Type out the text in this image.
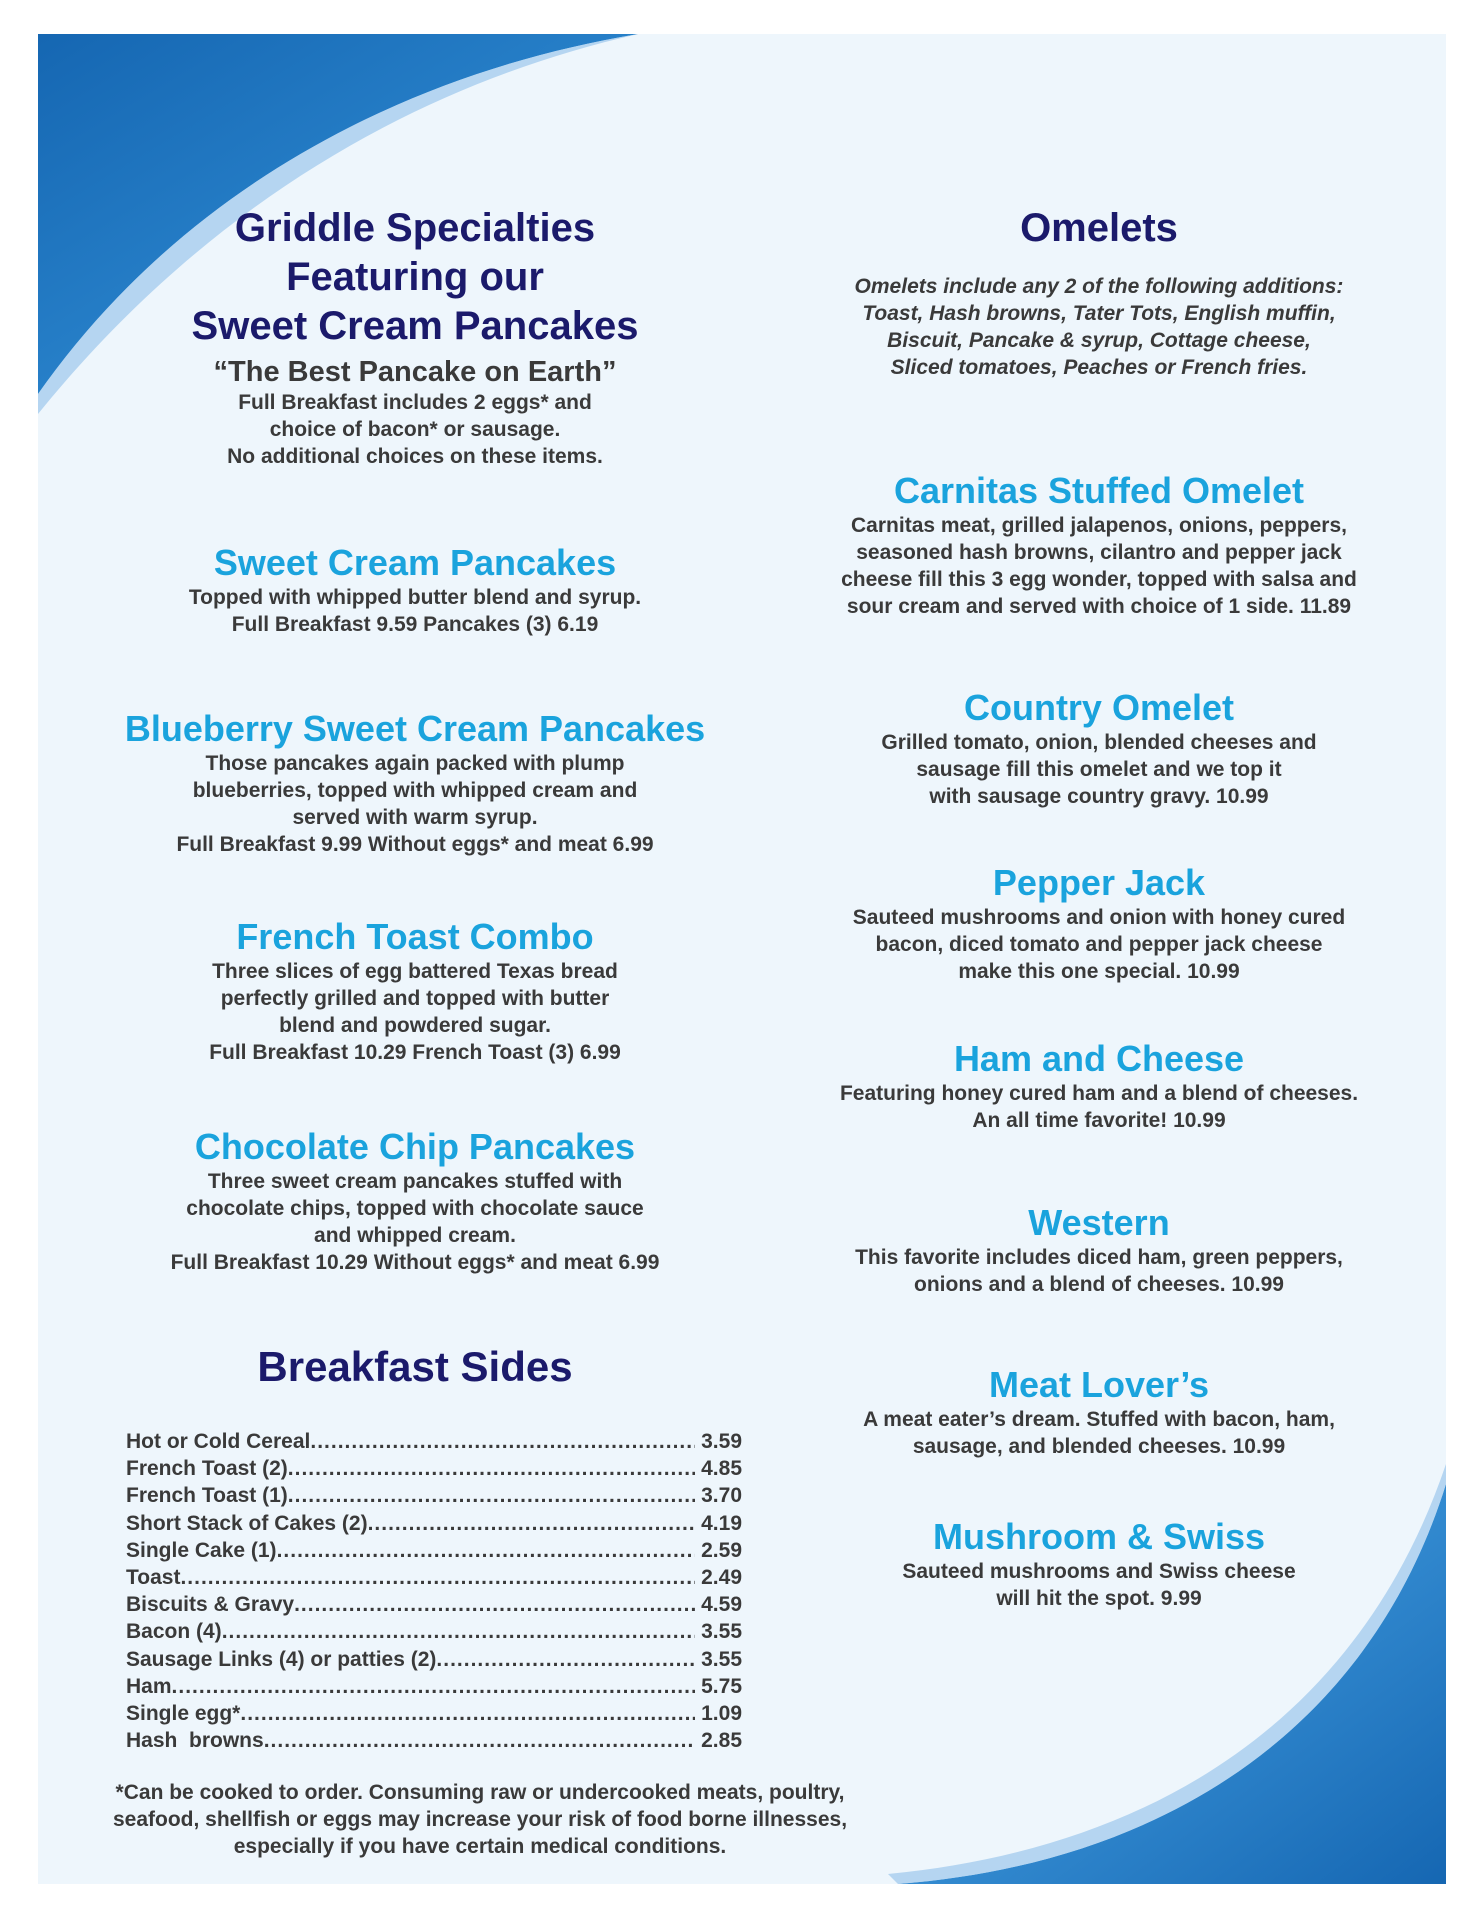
Griddle Specialties
Featuring our
Sweet Cream Pancakes

“The Best Pancake on Earth”

Full Breakfast includes 2 eggs* and
choice of bacon* or sausage.
No additional choices on these items.

Sweet Cream Pancakes

Topped with whipped butter blend and syrup.
Full Breakfast 9.59 Pancakes (3) 6.19

Blueberry Sweet Cream Pancakes

Those pancakes again packed with plump
blueberries, topped with whipped cream and
served with warm syrup.
Full Breakfast 9.99 Without eggs* and meat 6.99

French Toast Combo

Three slices of egg battered Texas bread
perfectly grilled and topped with butter
blend and powdered sugar.
Full Breakfast 10.29 French Toast (3) 6.99

Chocolate Chip Pancakes

Three sweet cream pancakes stuffed with
chocolate chips, topped with chocolate sauce
and whipped cream.
Full Breakfast 10.29 Without eggs* and meat 6.99

Breakfast Sides

Hot or Cold Cereal .....	3.59
French Toast (2) .....	4.85
French Toast (1) .....	3.70
Short Stack of Cakes (2) .....	4.19
Single Cake (1) .....	2.59
Toast .....	2.49
Biscuits & Gravy .....	4.59
Bacon (4) .....	3.55
Sausage Links (4) or patties (2) .....	3.55
Ham .....	5.75
Single egg* .....	1.09
Hash  browns .....	2.85

*Can be cooked to order. Consuming raw or undercooked meats, poultry,
seafood, shellfish or eggs may increase your risk of food borne illnesses,
especially if you have certain medical conditions.

Omelets

Omelets include any 2 of the following additions:
Toast, Hash browns, Tater Tots, English muffin,
Biscuit, Pancake & syrup, Cottage cheese,
Sliced tomatoes, Peaches or French fries.

Carnitas Stuffed Omelet

Carnitas meat, grilled jalapenos, onions, peppers,
seasoned hash browns, cilantro and pepper jack
cheese fill this 3 egg wonder, topped with salsa and
sour cream and served with choice of 1 side. 11.89

Country Omelet

Grilled tomato, onion, blended cheeses and
sausage fill this omelet and we top it
with sausage country gravy. 10.99

Pepper Jack

Sauteed mushrooms and onion with honey cured
bacon, diced tomato and pepper jack cheese
make this one special. 10.99

Ham and Cheese

Featuring honey cured ham and a blend of cheeses.
An all time favorite! 10.99

Western

This favorite includes diced ham, green peppers,
onions and a blend of cheeses. 10.99

Meat Lover’s

A meat eater’s dream. Stuffed with bacon, ham,
sausage, and blended cheeses. 10.99

Mushroom & Swiss

Sauteed mushrooms and Swiss cheese
will hit the spot. 9.99
